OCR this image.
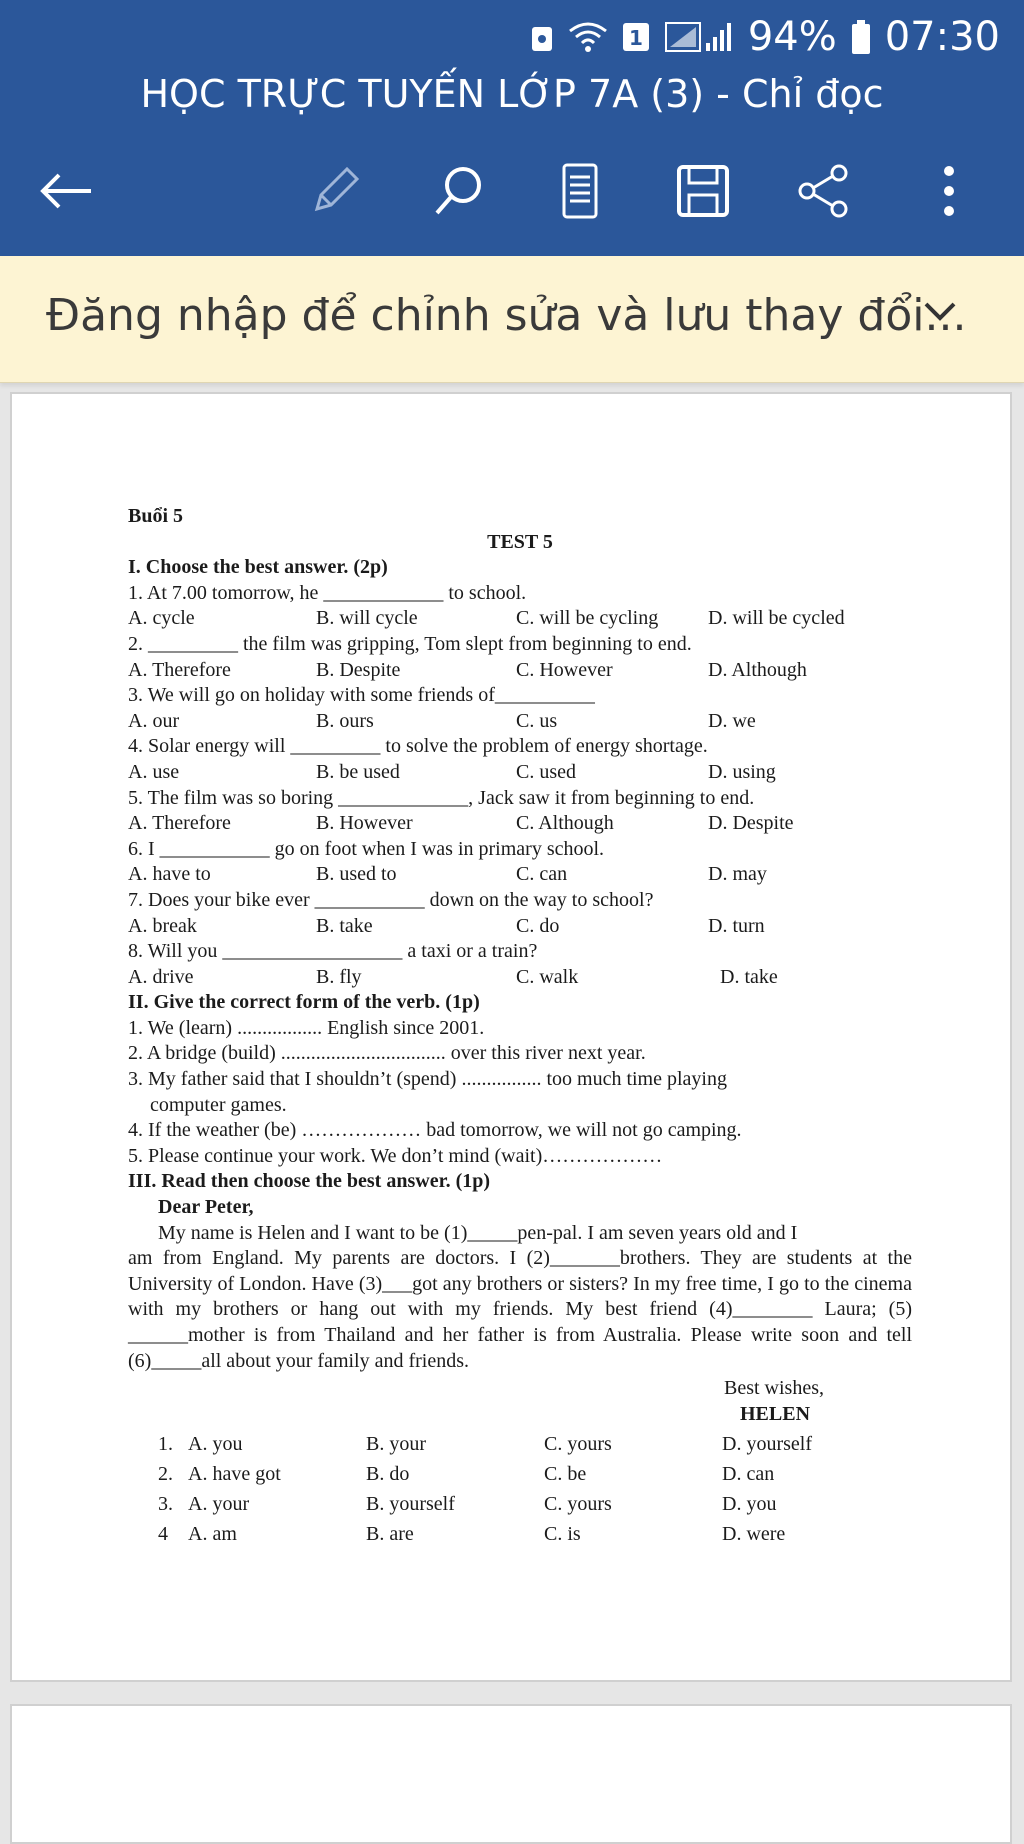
1	94% 07:30
HỌC TRỰC TUYẾN LỚP 7A (3) - Chỉ đọc
Đăng nhập để chỉnh sửa và lưu thay đổi...
Buổi 5
TEST 5
I. Choose the best answer. (2p)
1. At 7.00 tomorrow, he ____________ to school.
A. cycle	B. will cycle	C. will be cycling	D. will be cycled
2. _________ the film was gripping, Tom slept from beginning to end.
A. Therefore	B. Despite	C. However	D. Although
3. We will go on holiday with some friends of__________
A. our	B. ours	C. us	D. we
4. Solar energy will _________ to solve the problem of energy shortage.
A. use	B. be used	C. used	D. using
5. The film was so boring _____________, Jack saw it from beginning to end.
A. Therefore	B. However	C. Although	D. Despite
6. I ___________ go on foot when I was in primary school.
A. have to	B. used to	C. can	D. may
7. Does your bike ever ___________ down on the way to school?
A. break	B. take	C. do	D. turn
8. Will you __________________ a taxi or a train?
A. drive	B. fly	C. walk	D. take
II. Give the correct form of the verb. (1p)
1. We (learn) ................. English since 2001.
2. A bridge (build) ................................. over this river next year.
3. My father said that I shouldn’t (spend) ................ too much time playing
computer games.
4. If the weather (be) ……………… bad tomorrow, we will not go camping.
5. Please continue your work. We don’t mind (wait)………………
III. Read then choose the best answer. (1p)
Dear Peter,
My name is Helen and I want to be (1)_____pen-pal. I am seven years old and I
am from England. My parents are doctors. I (2)_______brothers. They are students at the University of London. Have (3)___got any brothers or sisters? In my free time, I go to the cinema with my brothers or hang out with my friends. My best friend (4)________ Laura; (5) ______mother is from Thailand and her father is from Australia. Please write soon and tell (6)_____all about your family and friends.
Best wishes,
HELEN
1. A. you	B. your	C. yours	D. yourself
2. A. have got	B. do	C. be	D. can
3. A. your	B. yourself	C. yours	D. you
4	A. am	B. are	C. is	D. were
